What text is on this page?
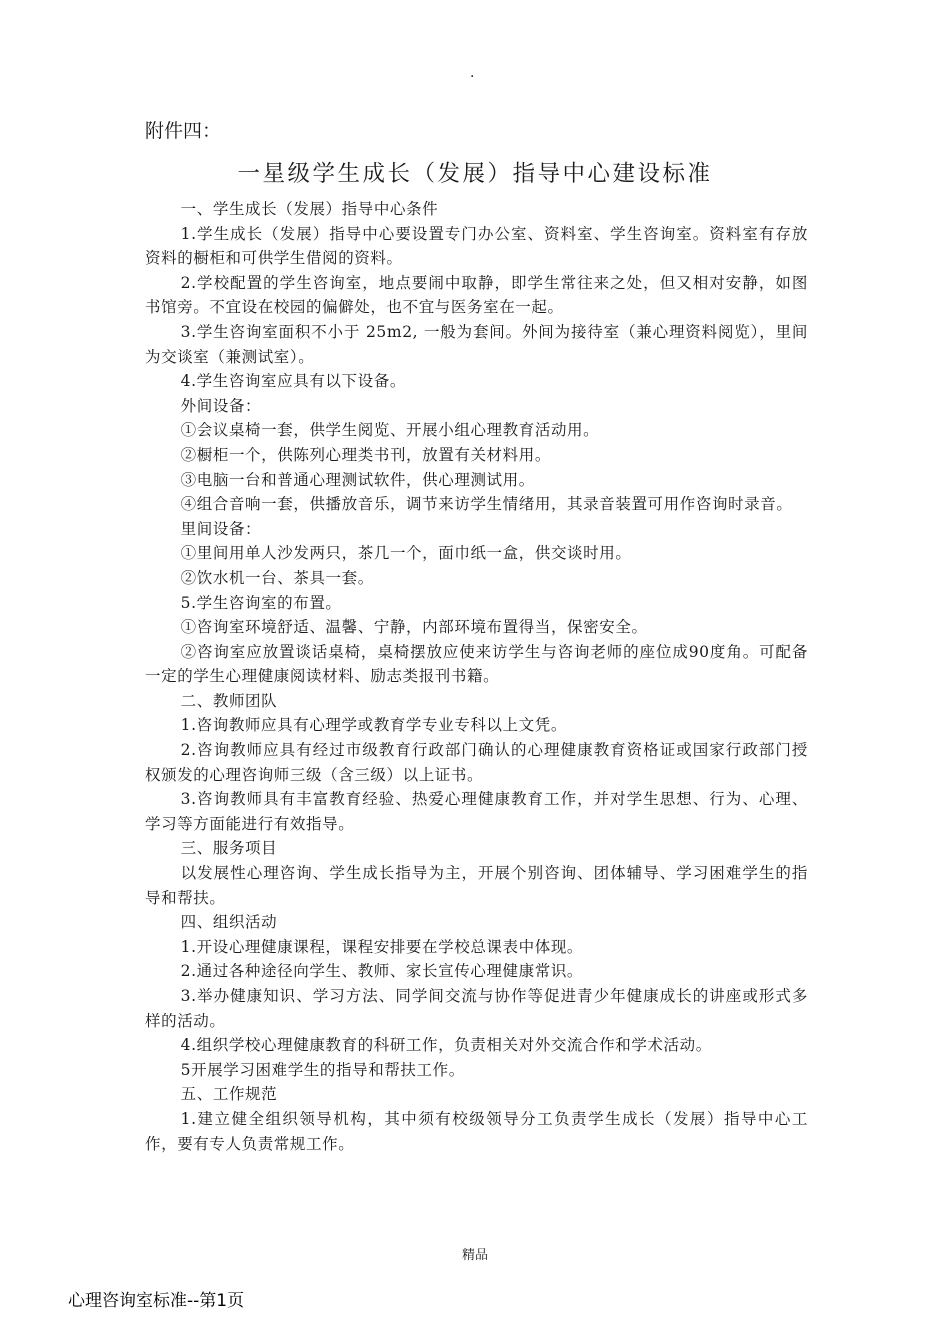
·
附件四：
一星级学生成长（发展）指导中心建设标准

一、学生成长（发展）指导中心条件

1.学生成长（发展）指导中心要设置专门办公室、资料室、学生咨询室。资料室有存放资料的橱柜和可供学生借阅的资料。

2.学校配置的学生咨询室，地点要闹中取静，即学生常往来之处，但又相对安静，如图书馆旁。不宜设在校园的偏僻处，也不宜与医务室在一起。

3.学生咨询室面积不小于 25m2, 一般为套间。外间为接待室（兼心理资料阅览），里间为交谈室（兼测试室）。

4.学生咨询室应具有以下设备。

外间设备：

①会议桌椅一套，供学生阅览、开展小组心理教育活动用。

②橱柜一个，供陈列心理类书刊，放置有关材料用。

③电脑一台和普通心理测试软件，供心理测试用。

④组合音响一套，供播放音乐，调节来访学生情绪用，其录音装置可用作咨询时录音。

里间设备：

①里间用单人沙发两只，茶几一个，面巾纸一盒，供交谈时用。

②饮水机一台、茶具一套。

5.学生咨询室的布置。

①咨询室环境舒适、温馨、宁静，内部环境布置得当，保密安全。

②咨询室应放置谈话桌椅，桌椅摆放应使来访学生与咨询老师的座位成90度角。可配备一定的学生心理健康阅读材料、励志类报刊书籍。

二、教师团队

1.咨询教师应具有心理学或教育学专业专科以上文凭。

2.咨询教师应具有经过市级教育行政部门确认的心理健康教育资格证或国家行政部门授权颁发的心理咨询师三级（含三级）以上证书。

3.咨询教师具有丰富教育经验、热爱心理健康教育工作，并对学生思想、行为、心理、学习等方面能进行有效指导。

三、服务项目

以发展性心理咨询、学生成长指导为主，开展个别咨询、团体辅导、学习困难学生的指导和帮扶。

四、组织活动

1.开设心理健康课程，课程安排要在学校总课表中体现。

2.通过各种途径向学生、教师、家长宣传心理健康常识。

3.举办健康知识、学习方法、同学间交流与协作等促进青少年健康成长的讲座或形式多样的活动。

4.组织学校心理健康教育的科研工作，负责相关对外交流合作和学术活动。

5开展学习困难学生的指导和帮扶工作。

五、工作规范

1.建立健全组织领导机构，其中须有校级领导分工负责学生成长（发展）指导中心工作，要有专人负责常规工作。

精品
心理咨询室标准--第1页
